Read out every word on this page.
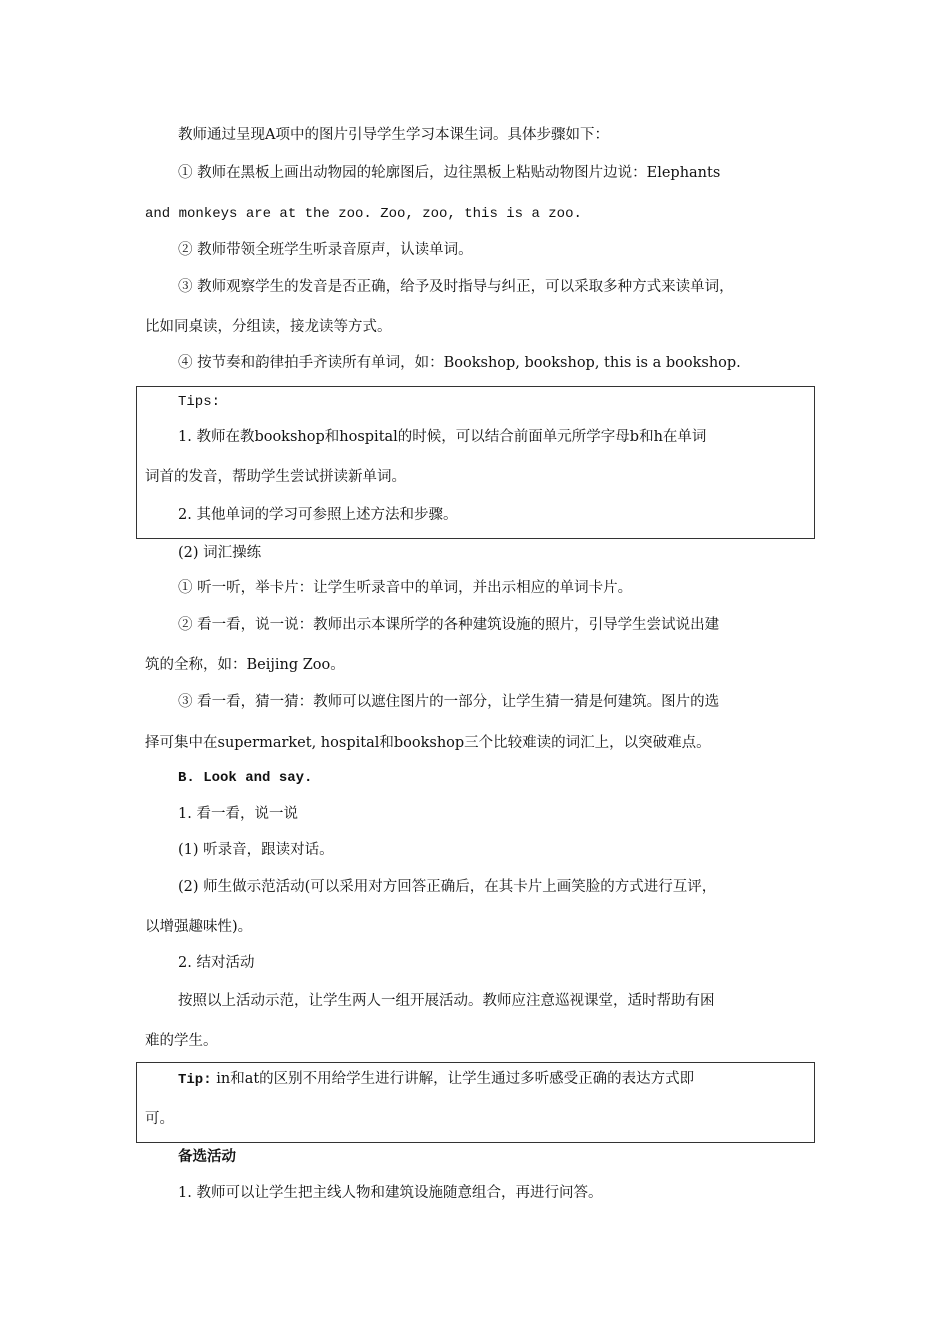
教师通过呈现A项中的图片引导学生学习本课生词。具体步骤如下：
① 教师在黑板上画出动物园的轮廓图后，边往黑板上粘贴动物图片边说：Elephants
and monkeys are at the zoo. Zoo, zoo, this is a zoo.
② 教师带领全班学生听录音原声，认读单词。
③ 教师观察学生的发音是否正确，给予及时指导与纠正，可以采取多种方式来读单词，
比如同桌读，分组读，接龙读等方式。
④ 按节奏和韵律拍手齐读所有单词，如：Bookshop, bookshop, this is a bookshop.
Tips:
1. 教师在教bookshop和hospital的时候，可以结合前面单元所学字母b和h在单词
词首的发音，帮助学生尝试拼读新单词。
2. 其他单词的学习可参照上述方法和步骤。
(2) 词汇操练
① 听一听，举卡片：让学生听录音中的单词，并出示相应的单词卡片。
② 看一看，说一说：教师出示本课所学的各种建筑设施的照片，引导学生尝试说出建
筑的全称，如：Beijing Zoo。
③ 看一看，猜一猜：教师可以遮住图片的一部分，让学生猜一猜是何建筑。图片的选
择可集中在supermarket, hospital和bookshop三个比较难读的词汇上，以突破难点。
B. Look and say.
1. 看一看，说一说
(1) 听录音，跟读对话。
(2) 师生做示范活动(可以采用对方回答正确后，在其卡片上画笑脸的方式进行互评，
以增强趣味性)。
2. 结对活动
按照以上活动示范，让学生两人一组开展活动。教师应注意巡视课堂，适时帮助有困
难的学生。
Tip: in和at的区别不用给学生进行讲解，让学生通过多听感受正确的表达方式即
可。
备选活动
1. 教师可以让学生把主线人物和建筑设施随意组合，再进行问答。
